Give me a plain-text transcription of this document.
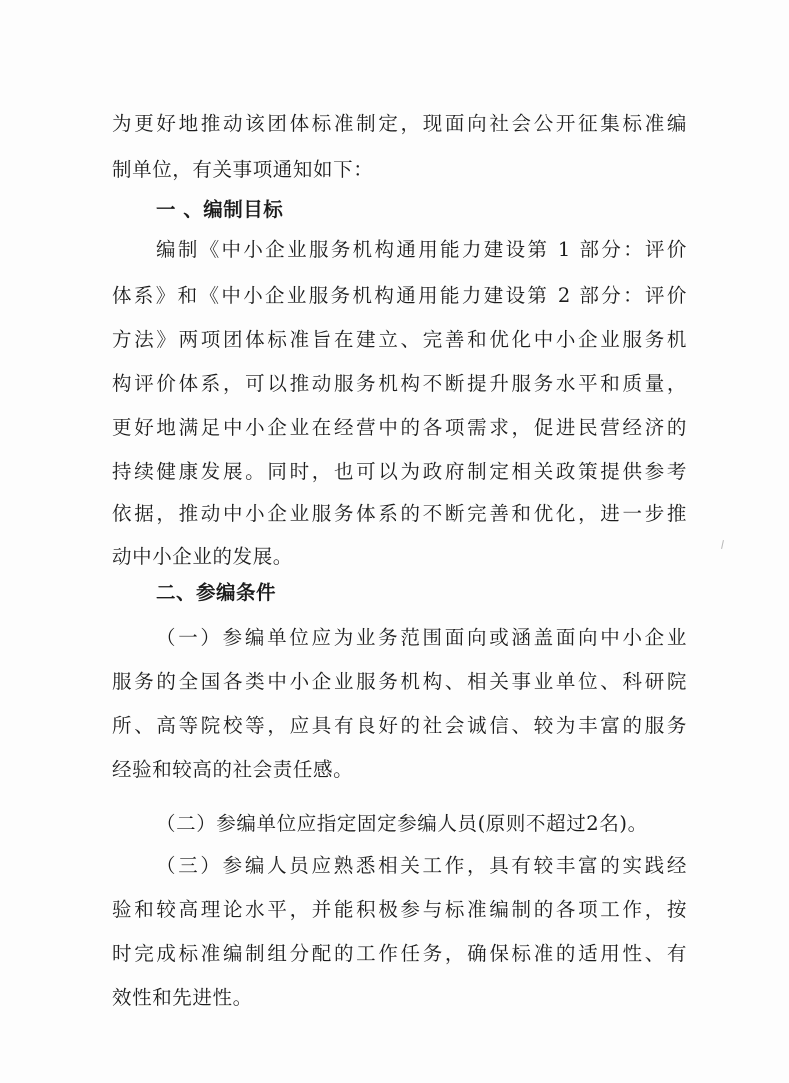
为更好地推动该团体标准制定，现面向社会公开征集标准编
制单位，有关事项通知如下：
一 、编制目标
编制《中小企业服务机构通用能力建设第 1 部分：评价
体系》和《中小企业服务机构通用能力建设第 2 部分：评价
方法》两项团体标准旨在建立、完善和优化中小企业服务机
构评价体系，可以推动服务机构不断提升服务水平和质量，
更好地满足中小企业在经营中的各项需求，促进民营经济的
持续健康发展。同时，也可以为政府制定相关政策提供参考
依据，推动中小企业服务体系的不断完善和优化，进一步推
动中小企业的发展。
二、参编条件
（一）参编单位应为业务范围面向或涵盖面向中小企业
服务的全国各类中小企业服务机构、相关事业单位、科研院
所、高等院校等，应具有良好的社会诚信、较为丰富的服务
经验和较高的社会责任感。
（二）参编单位应指定固定参编人员(原则不超过2名)。
（三）参编人员应熟悉相关工作，具有较丰富的实践经
验和较高理论水平，并能积极参与标准编制的各项工作，按
时完成标准编制组分配的工作任务，确保标准的适用性、有
效性和先进性。
